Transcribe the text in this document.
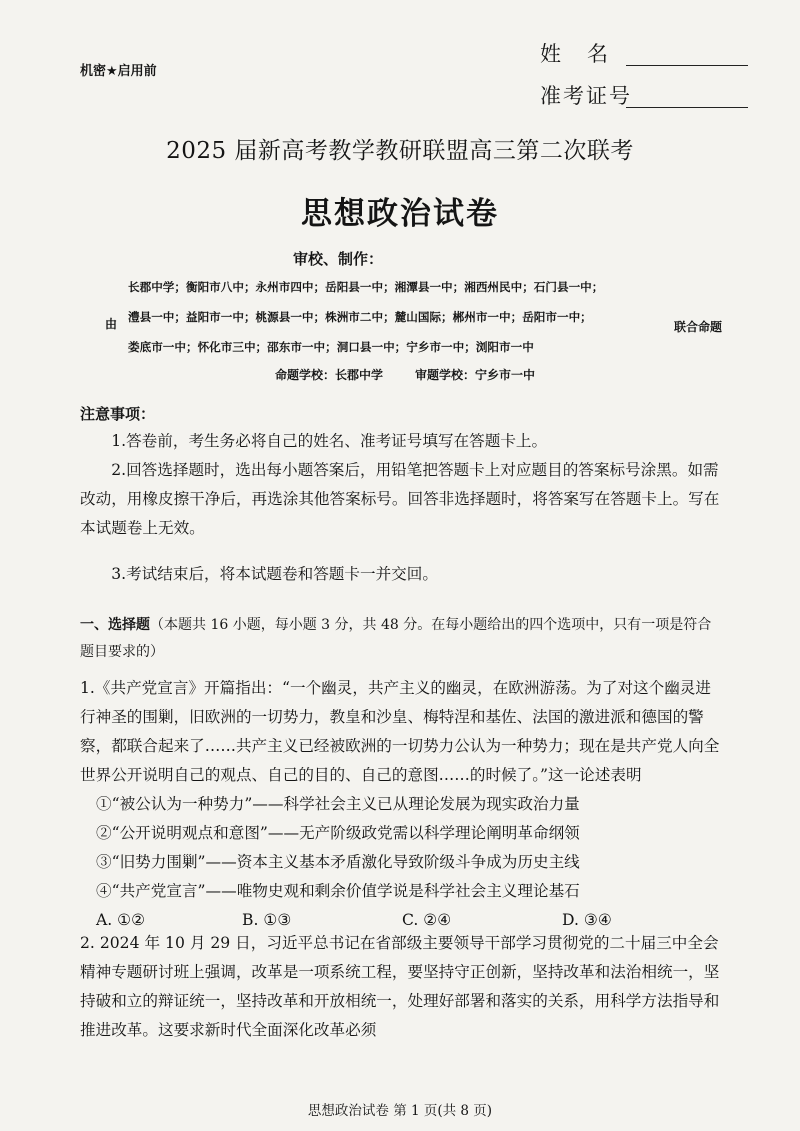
姓名
准考证号
机密★启用前
2025 届新高考教学教研联盟高三第二次联考
思想政治试卷
审校、制作：
长郡中学；衡阳市八中；永州市四中；岳阳县一中；湘潭县一中；湘西州民中；石门县一中；
澧县一中；益阳市一中；桃源县一中；株洲市二中；麓山国际；郴州市一中；岳阳市一中；
娄底市一中；怀化市三中；邵东市一中；洞口县一中；宁乡市一中；浏阳市一中
由	联合命题
命题学校：长郡中学	审题学校：宁乡市一中
注意事项：

1.答卷前，考生务必将自己的姓名、准考证号填写在答题卡上。

2.回答选择题时，选出每小题答案后，用铅笔把答题卡上对应题目的答案标号涂黑。如需改动，用橡皮擦干净后，再选涂其他答案标号。回答非选择题时，将答案写在答题卡上。写在本试题卷上无效。

3.考试结束后，将本试题卷和答题卡一并交回。

一、选择题（本题共 16 小题，每小题 3 分，共 48 分。在每小题给出的四个选项中，只有一项是符合题目要求的）

1.《共产党宣言》开篇指出：“一个幽灵，共产主义的幽灵，在欧洲游荡。为了对这个幽灵进行神圣的围剿，旧欧洲的一切势力，教皇和沙皇、梅特涅和基佐、法国的激进派和德国的警察，都联合起来了……共产主义已经被欧洲的一切势力公认为一种势力；现在是共产党人向全世界公开说明自己的观点、自己的目的、自己的意图……的时候了。”这一论述表明

①“被公认为一种势力”——科学社会主义已从理论发展为现实政治力量

②“公开说明观点和意图”——无产阶级政党需以科学理论阐明革命纲领

③“旧势力围剿”——资本主义基本矛盾激化导致阶级斗争成为历史主线

④“共产党宣言”——唯物史观和剩余价值学说是科学社会主义理论基石

A. ①②	B. ①③	C. ②④	D. ③④

2. 2024 年 10 月 29 日，习近平总书记在省部级主要领导干部学习贯彻党的二十届三中全会精神专题研讨班上强调，改革是一项系统工程，要坚持守正创新，坚持改革和法治相统一，坚持破和立的辩证统一，坚持改革和开放相统一，处理好部署和落实的关系，用科学方法指导和推进改革。这要求新时代全面深化改革必须

思想政治试卷 第 1 页(共 8 页)
